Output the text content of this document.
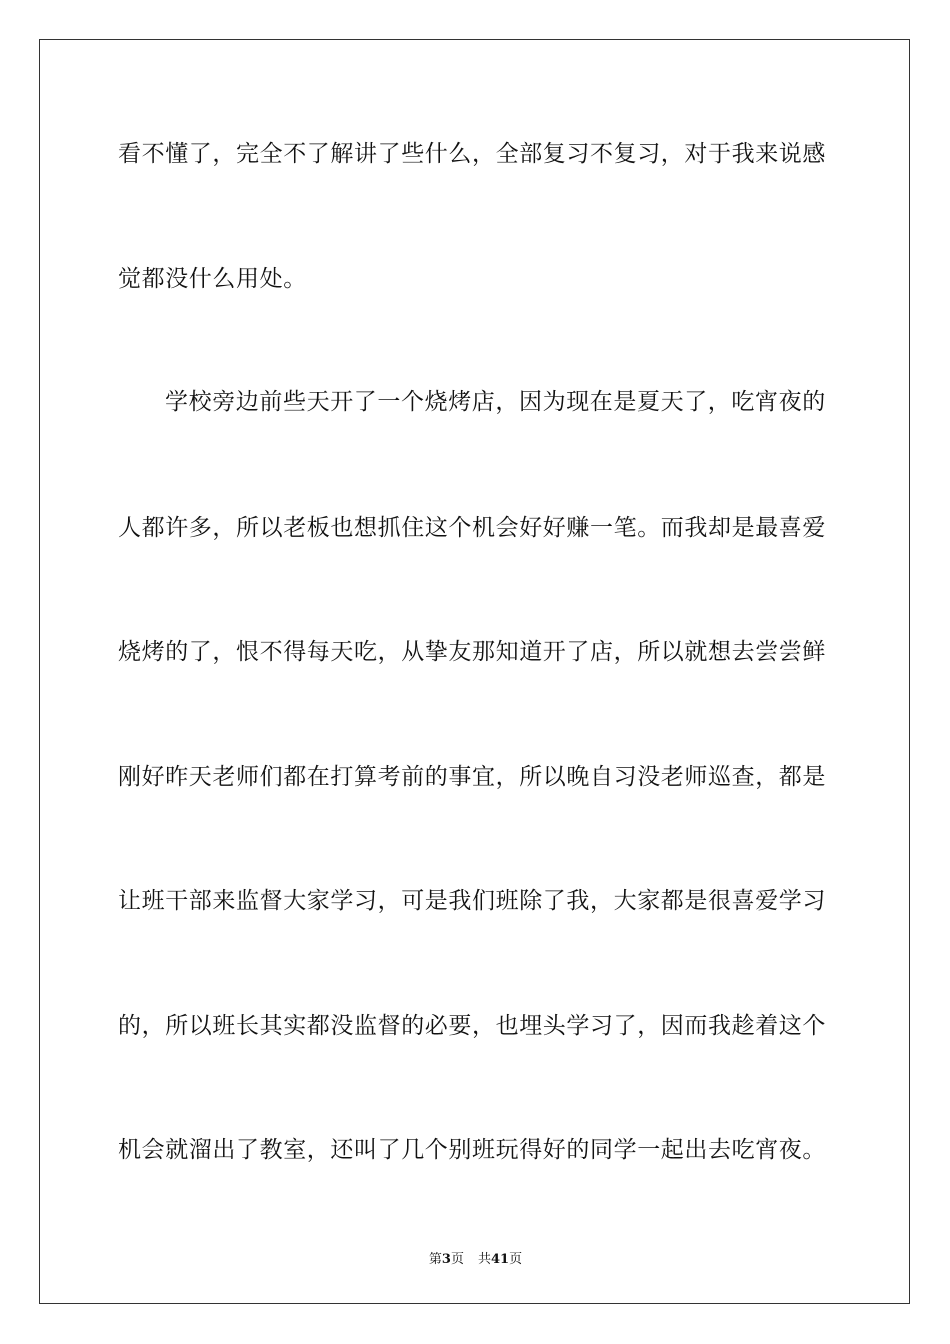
看不懂了，完全不了解讲了些什么，全部复习不复习，对于我来说感
觉都没什么用处。
学校旁边前些天开了一个烧烤店，因为现在是夏天了，吃宵夜的
人都许多，所以老板也想抓住这个机会好好赚一笔。而我却是最喜爱
烧烤的了，恨不得每天吃，从挚友那知道开了店，所以就想去尝尝鲜
刚好昨天老师们都在打算考前的事宜，所以晚自习没老师巡查，都是
让班干部来监督大家学习，可是我们班除了我，大家都是很喜爱学习
的，所以班长其实都没监督的必要，也埋头学习了，因而我趁着这个
机会就溜出了教室，还叫了几个别班玩得好的同学一起出去吃宵夜。
第3页 共41页
